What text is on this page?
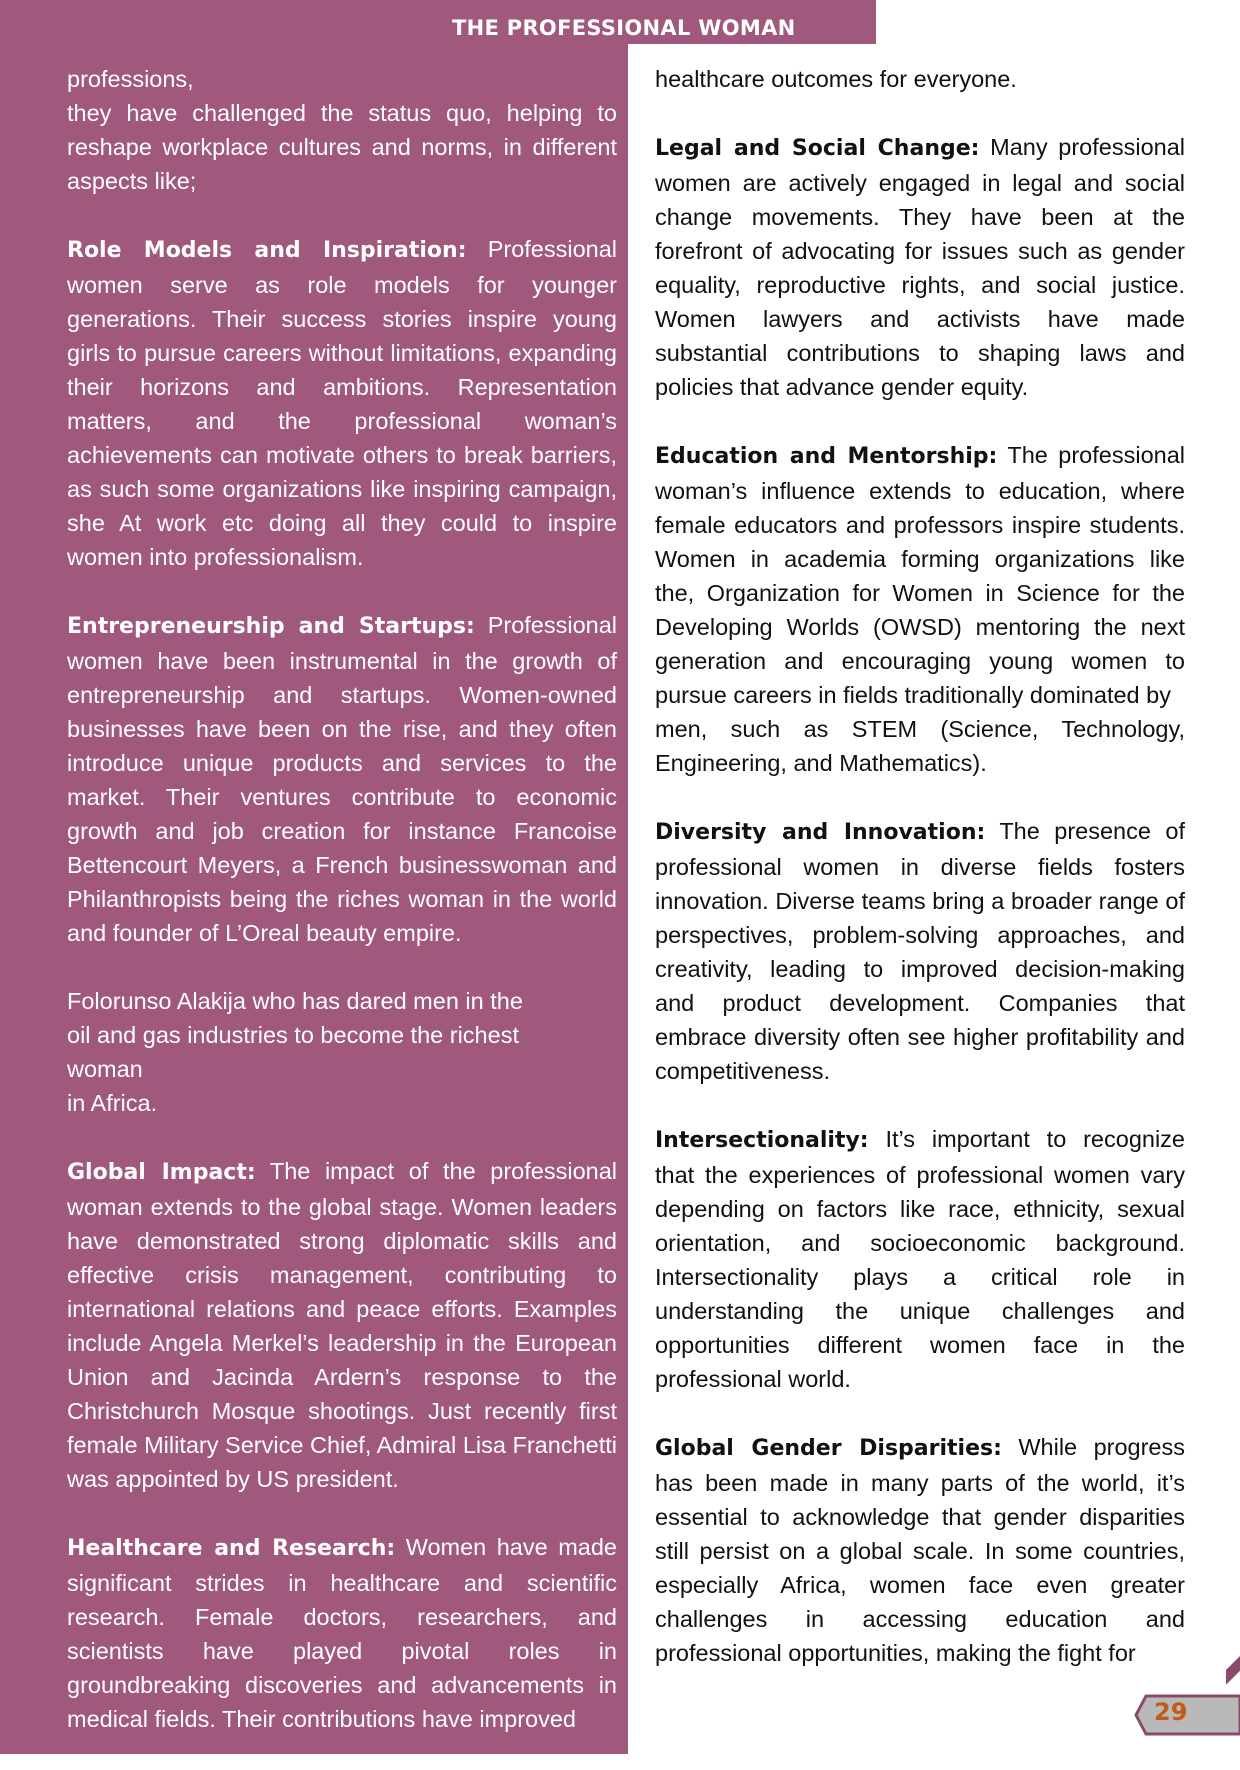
THE PROFESSIONAL WOMAN

professions,

they have challenged the status quo, helping to reshape workplace cultures and norms, in different aspects like;

Role Models and Inspiration: Professional women serve as role models for younger generations. Their success stories inspire young girls to pursue careers without limitations, expanding their horizons and ambitions. Representation matters, and the professional woman’s achievements can motivate others to break barriers, as such some organizations like inspiring campaign, she At work etc doing all they could to inspire women into professionalism.

Entrepreneurship and Startups: Professional women have been instrumental in the growth of entrepreneurship and startups. Women-owned businesses have been on the rise, and they often introduce unique products and services to the market. Their ventures contribute to economic growth and job creation for instance Francoise Bettencourt Meyers, a French businesswoman and Philanthropists being the riches woman in the world and founder of L’Oreal beauty empire.

Folorunso Alakija who has dared men in the oil and gas industries to become the richest woman

in Africa.

Global Impact: The impact of the professional woman extends to the global stage. Women leaders have demonstrated strong diplomatic skills and effective crisis management, contributing to international relations and peace efforts. Examples include Angela Merkel’s leadership in the European Union and Jacinda Ardern’s response to the Christchurch Mosque shootings. Just recently first female Military Service Chief, Admiral Lisa Franchetti was appointed by US president.

Healthcare and Research: Women have made significant strides in healthcare and scientific research. Female doctors, researchers, and scientists have played pivotal roles in groundbreaking discoveries and advancements in medical fields. Their contributions have improved

healthcare outcomes for everyone.

Legal and Social Change: Many professional women are actively engaged in legal and social change movements. They have been at the forefront of advocating for issues such as gender equality, reproductive rights, and social justice. Women lawyers and activists have made substantial contributions to shaping laws and policies that advance gender equity.

Education and Mentorship: The professional woman’s influence extends to education, where female educators and professors inspire students. Women in academia forming organizations like the, Organization for Women in Science for the Developing Worlds (OWSD) mentoring the next generation and encouraging young women to pursue careers in fields traditionally dominated by

men, such as STEM (Science, Technology, Engineering, and Mathematics).

Diversity and Innovation: The presence of professional women in diverse fields fosters innovation. Diverse teams bring a broader range of perspectives, problem-solving approaches, and creativity, leading to improved decision-making and product development. Companies that embrace diversity often see higher profitability and competitiveness.

Intersectionality: It’s important to recognize that the experiences of professional women vary depending on factors like race, ethnicity, sexual orientation, and socioeconomic background. Intersectionality plays a critical role in understanding the unique challenges and opportunities different women face in the professional world.

Global Gender Disparities: While progress has been made in many parts of the world, it’s essential to acknowledge that gender disparities still persist on a global scale. In some countries, especially Africa, women face even greater challenges in accessing education and professional opportunities, making the fight for

29
